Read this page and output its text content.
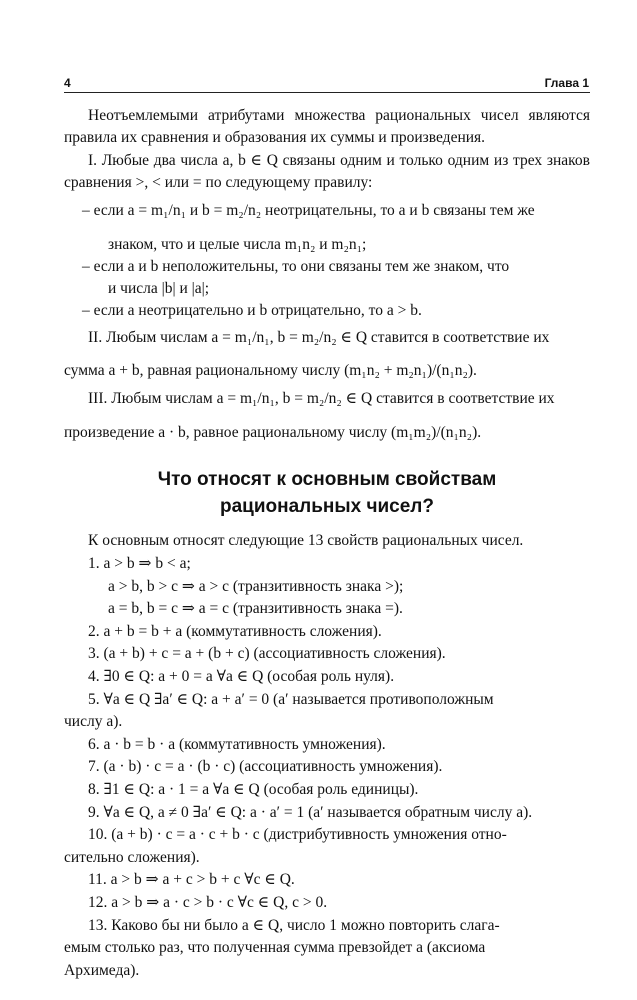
4	Глава 1

Неотъемлемыми атрибутами множества рациональных чисел являются правила их сравнения и образования их суммы и произведения.

I. Любые два числа a, b ∈ Q связаны одним и только одним из трех знаков сравнения >, < или = по следующему правилу:

– если a = m₁/n₁ и b = m₂/n₂ неотрицательны, то a и b связаны тем же
знаком, что и целые числа m₁n₂ и m₂n₁;
– если a и b неположительны, то они связаны тем же знаком, что
и числа |b| и |a|;
– если a неотрицательно и b отрицательно, то a > b.
II. Любым числам a = m₁/n₁, b = m₂/n₂ ∈ Q ставится в соответствие их
сумма a + b, равная рациональному числу (m₁n₂ + m₂n₁)/(n₁n₂).
III. Любым числам a = m₁/n₁, b = m₂/n₂ ∈ Q ставится в соответствие их
произведение a · b, равное рациональному числу (m₁m₂)/(n₁n₂).
Что относят к основным свойствам
рациональных чисел?
К основным относят следующие 13 свойств рациональных чисел.
1. a > b ⇒ b < a;
a > b, b > c ⇒ a > c (транзитивность знака >);
a = b, b = c ⇒ a = c (транзитивность знака =).
2. a + b = b + a (коммутативность сложения).
3. (a + b) + c = a + (b + c) (ассоциативность сложения).
4. ∃0 ∈ Q: a + 0 = a ∀a ∈ Q (особая роль нуля).
5. ∀a ∈ Q ∃a′ ∈ Q: a + a′ = 0 (a′ называется противоположным
числу a).
6. a · b = b · a (коммутативность умножения).
7. (a · b) · c = a · (b · c) (ассоциативность умножения).
8. ∃1 ∈ Q: a · 1 = a ∀a ∈ Q (особая роль единицы).
9. ∀a ∈ Q, a ≠ 0 ∃a′ ∈ Q: a · a′ = 1 (a′ называется обратным числу a).
10. (a + b) · c = a · c + b · c (дистрибутивность умножения отно-
сительно сложения).
11. a > b ⇒ a + c > b + c ∀c ∈ Q.
12. a > b ⇒ a · c > b · c ∀c ∈ Q, c > 0.
13. Каково бы ни было a ∈ Q, число 1 можно повторить слага-
емым столько раз, что полученная сумма превзойдет a (аксиома
Архимеда).
